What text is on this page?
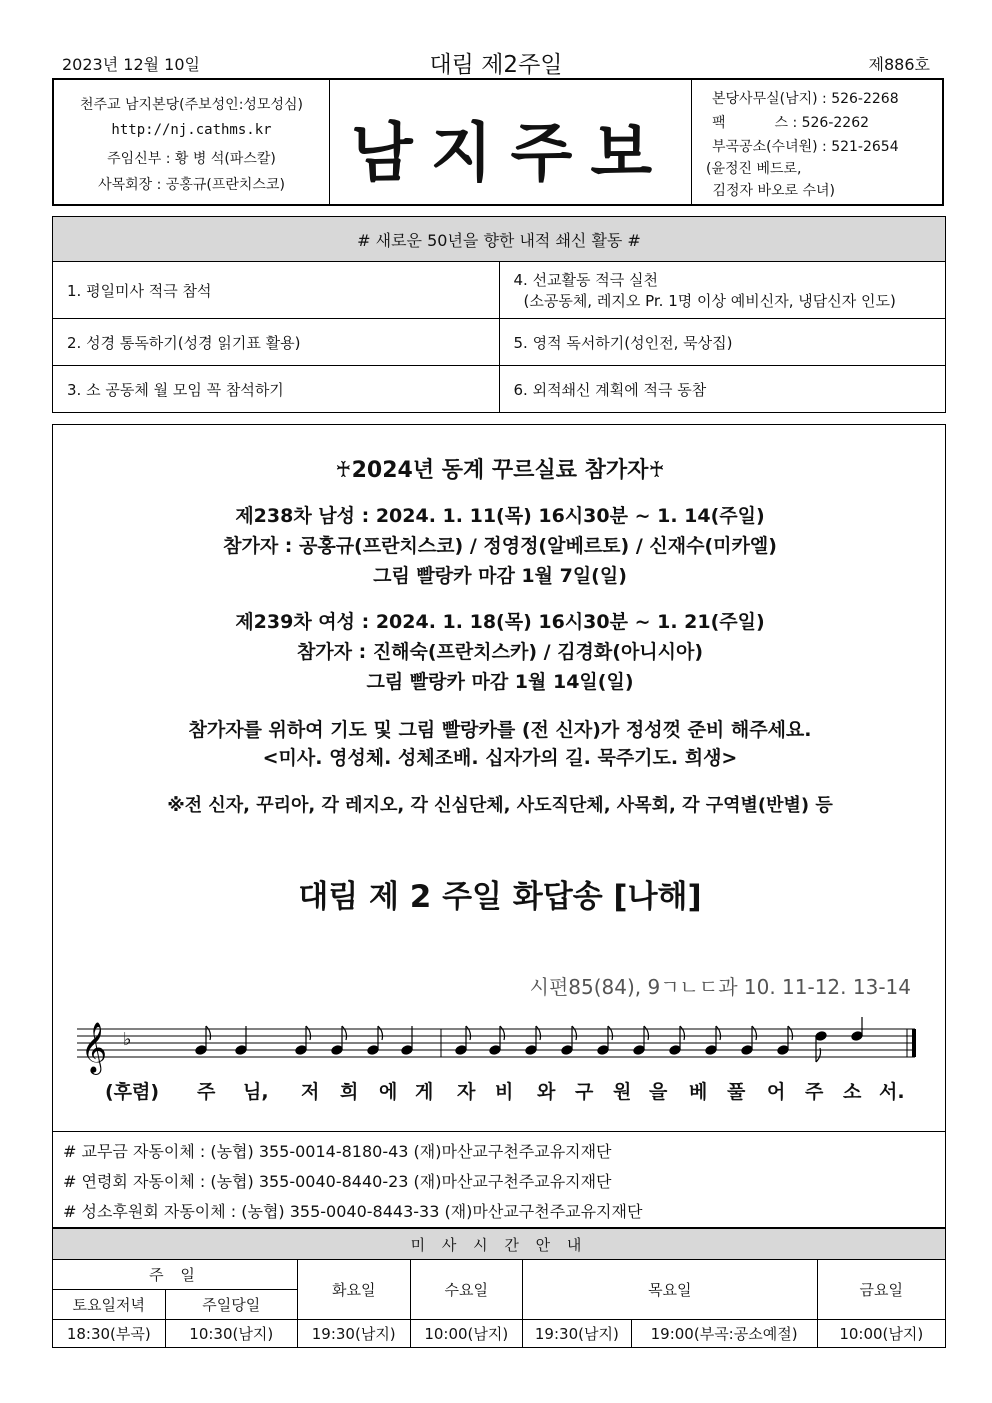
2023년 12월 10일	대림 제2주일	제886호
천주교 남지본당(주보성인:성모성심)
http://nj.cathms.kr
주임신부 : 황 병 석(파스칼)
사목회장 : 공홍규(프란치스코)	남지주보
본당사무실(남지) : 526-2268
팩           스 : 526-2262
부곡공소(수녀원) : 521-2654
(윤정진 베드로,
김정자 바오로 수녀)
# 새로운 50년을 향한 내적 쇄신 활동 #	
1. 평일미사 적극 참석	4. 선교활동 적극 실천
(소공동체, 레지오 Pr. 1명 이상 예비신자, 냉담신자 인도)

2. 성경 통독하기(성경 읽기표 활용)	5. 영적 독서하기(성인전, 묵상집)
3. 소 공동체 월 모임 꼭 참석하기	6. 외적쇄신 계획에 적극 동참
♰2024년 동계 꾸르실료 참가자♰
제238차 남성 : 2024. 1. 11(목) 16시30분 ~ 1. 14(주일)
참가자 : 공홍규(프란치스코) / 정영정(알베르토) / 신재수(미카엘)
그림 빨랑카 마감 1월 7일(일)
제239차 여성 : 2024. 1. 18(목) 16시30분 ~ 1. 21(주일)
참가자 : 진해숙(프란치스카) / 김경화(아니시아)
그림 빨랑카 마감 1월 14일(일)
참가자를 위하여 기도 및 그림 빨랑카를 (전 신자)가 정성껏 준비 해주세요.
<미사. 영성체. 성체조배. 십자가의 길. 묵주기도. 희생>
※전 신자, 꾸리아, 각 레지오, 각 신심단체, 사도직단체, 사목회, 각 구역별(반별) 등
대림 제 2 주일 화답송 [나해]
시편85(84), 9ㄱㄴㄷ과 10. 11-12. 13-14
𝄞 ♭
(후렴) 주 님, 저 희 에 게 자 비 와 구 원 을 베 풀 어 주 소 서.
# 교무금 자동이체 : (농협) 355-0014-8180-43 (재)마산교구천주교유지재단
# 연령회 자동이체 : (농협) 355-0040-8440-23 (재)마산교구천주교유지재단
# 성소후원회 자동이체 : (농협) 355-0040-8443-33 (재)마산교구천주교유지재단
미 사 시 간 안 내						
주 일		화요일	수요일	목요일		금요일
토요일저녁	주일당일					
18:30(부곡)	10:30(남지)	19:30(남지)	10:00(남지)	19:30(남지)	19:00(부곡:공소예절)	10:00(남지)
